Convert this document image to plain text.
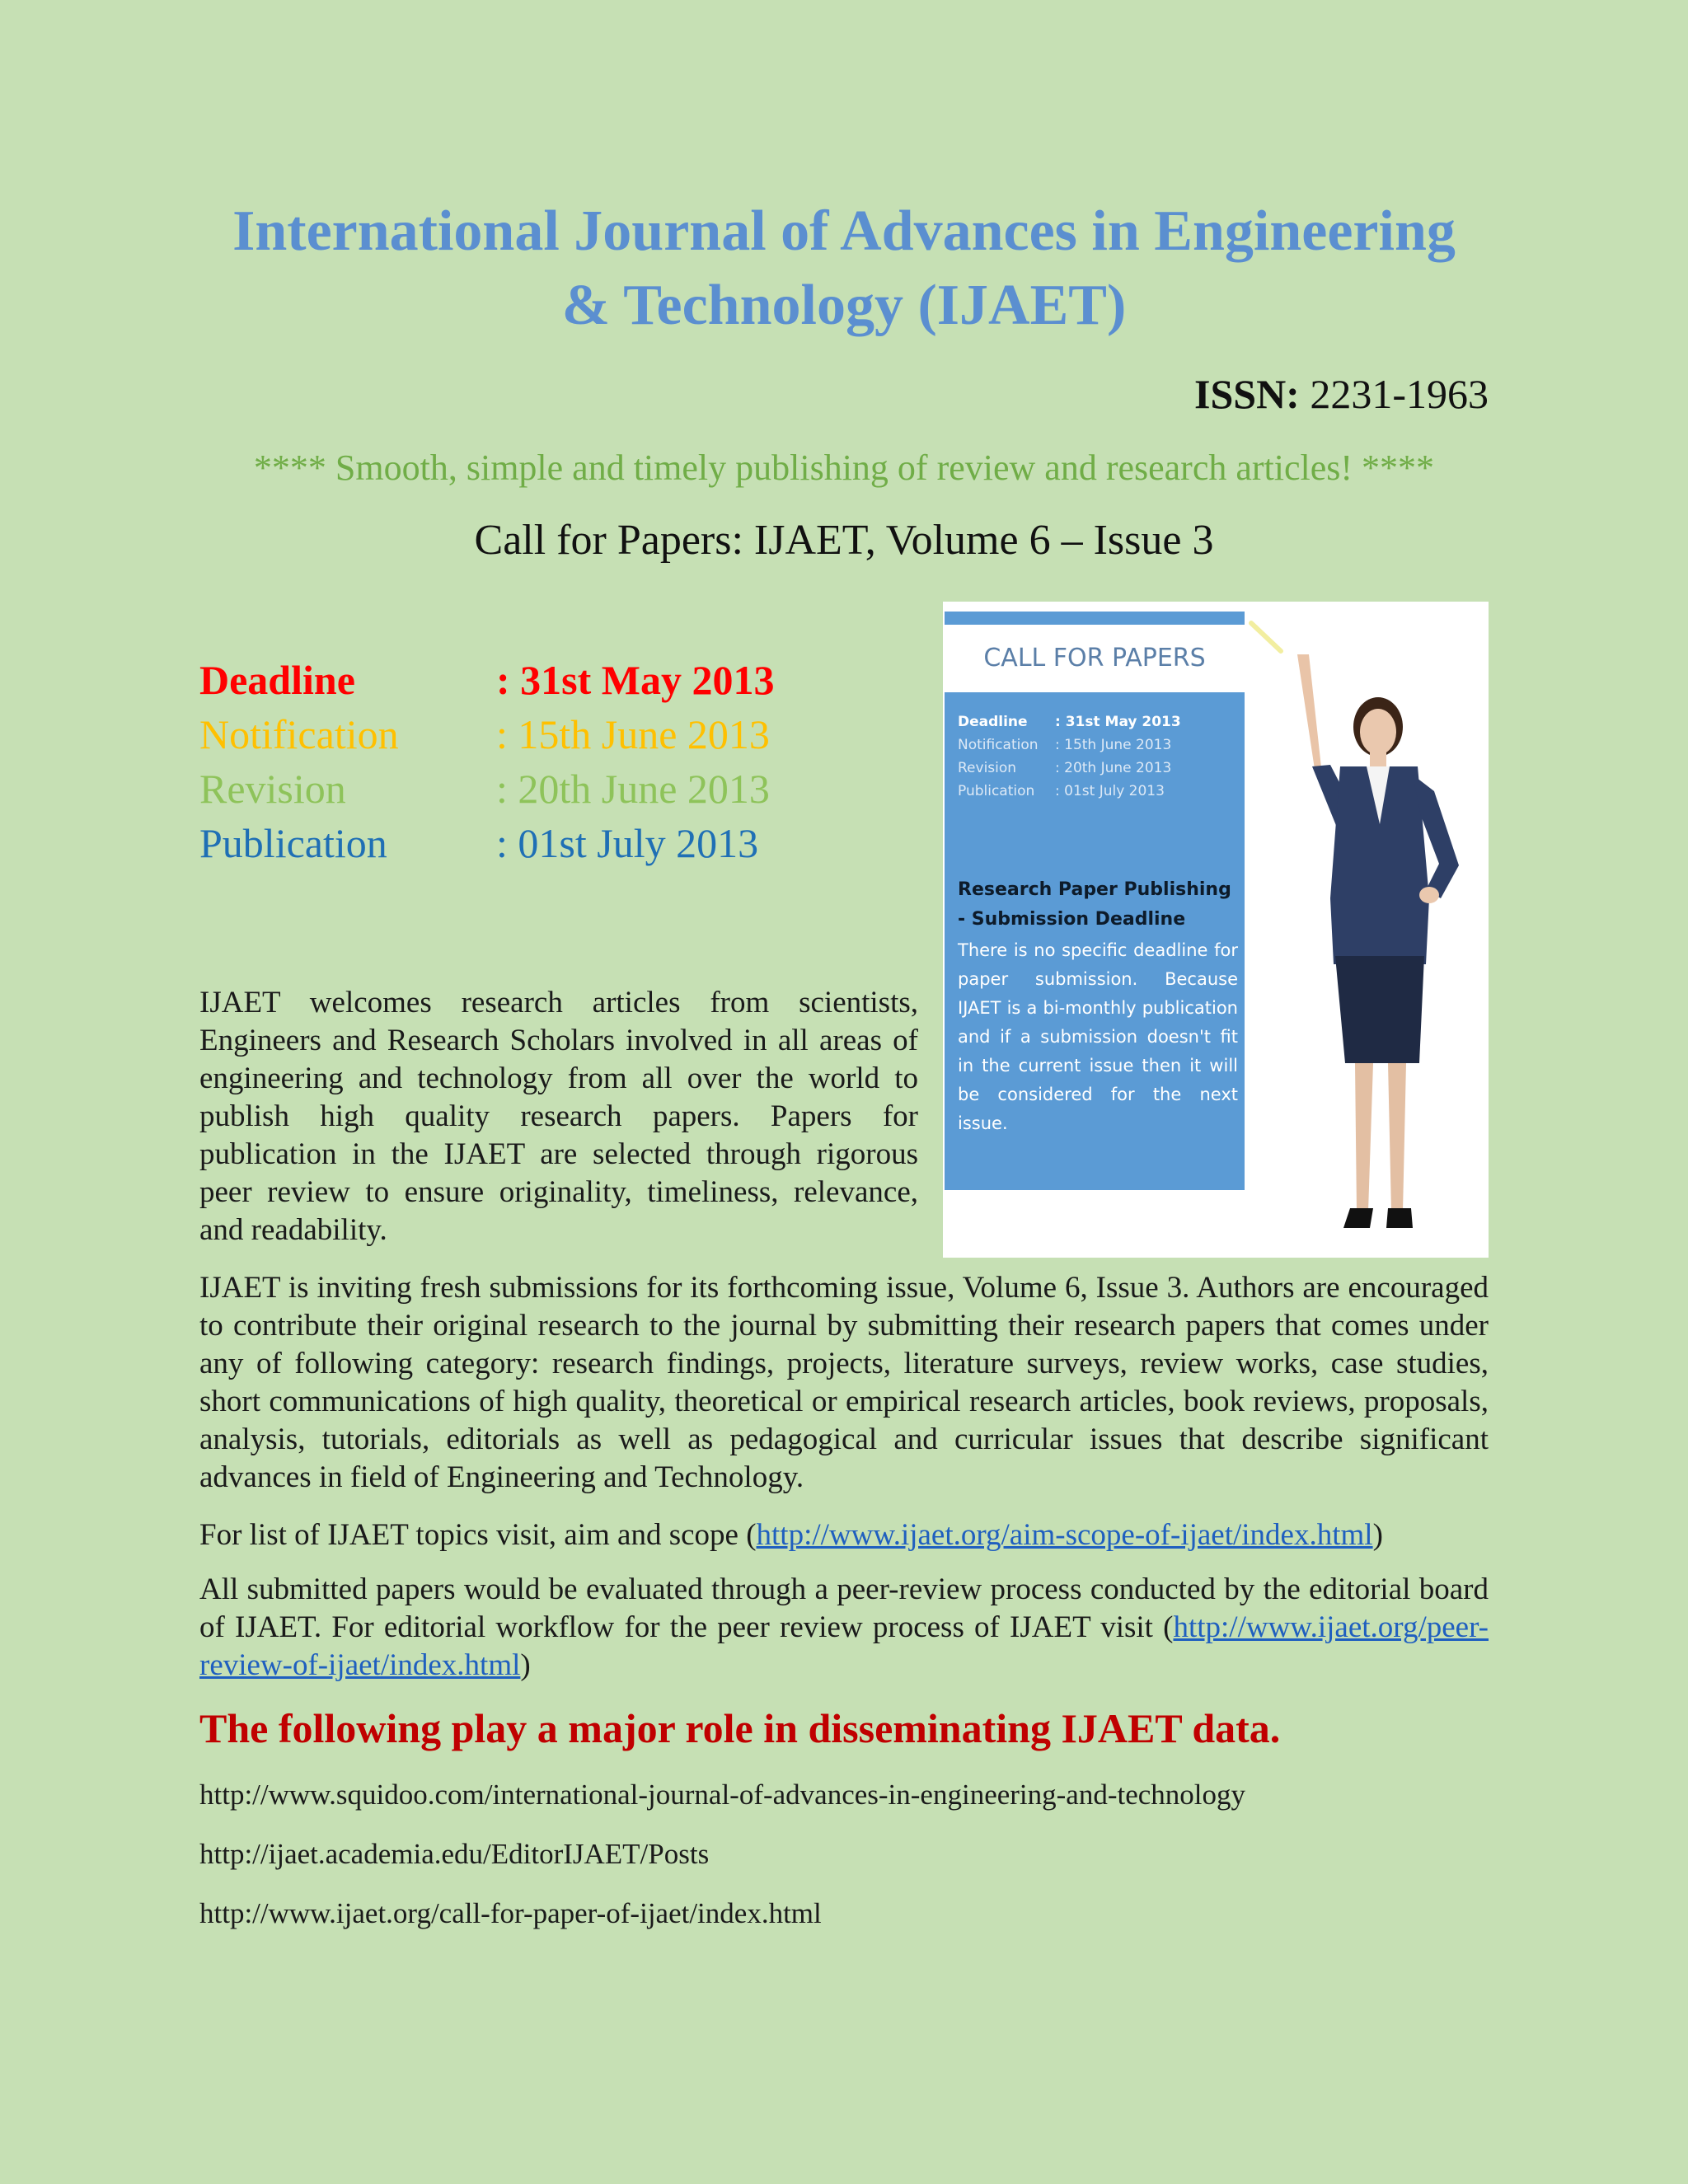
International Journal of Advances in Engineering
& Technology (IJAET)
ISSN: 2231-1963
**** Smooth, simple and timely publishing of review and research articles! ****
Call for Papers: IJAET, Volume 6 – Issue 3
Deadline	: 31st May 2013
Notification : 15th June 2013
Revision	: 20th June 2013
Publication	: 01st July 2013
IJAET welcomes research articles from scientists, Engineers and Research Scholars involved in all areas of engineering and technology from all over the world to publish high quality research papers. Papers for publication in the IJAET are selected through rigorous peer review to ensure originality, timeliness, relevance, and readability.
IJAET is inviting fresh submissions for its forthcoming issue, Volume 6, Issue 3. Authors are encouraged to contribute their original research to the journal by submitting their research papers that comes under any of following category: research findings, projects, literature surveys, review works, case studies, short communications of high quality, theoretical or empirical research articles, book reviews, proposals, analysis, tutorials, editorials as well as pedagogical and curricular issues that describe significant advances in field of Engineering and Technology.
For list of IJAET topics visit, aim and scope (http://www.ijaet.org/aim-scope-of-ijaet/index.html)
All submitted papers would be evaluated through a peer-review process conducted by the editorial board of IJAET. For editorial workflow for the peer review process of IJAET visit (http://www.ijaet.org/peer-review-of-ijaet/index.html)
The following play a major role in disseminating IJAET data.
http://www.squidoo.com/international-journal-of-advances-in-engineering-and-technology
http://ijaet.academia.edu/EditorIJAET/Posts
http://www.ijaet.org/call-for-paper-of-ijaet/index.html
CALL FOR PAPERS
Deadline : 31st May 2013
Notification : 15th June 2013
Revision	: 20th June 2013
Publication : 01st July 2013
Research Paper Publishing - Submission Deadline
There is no specific deadline for paper submission. Because IJAET is a bi-monthly publication and if a submission doesn't fit in the current issue then it will be considered for the next issue.
